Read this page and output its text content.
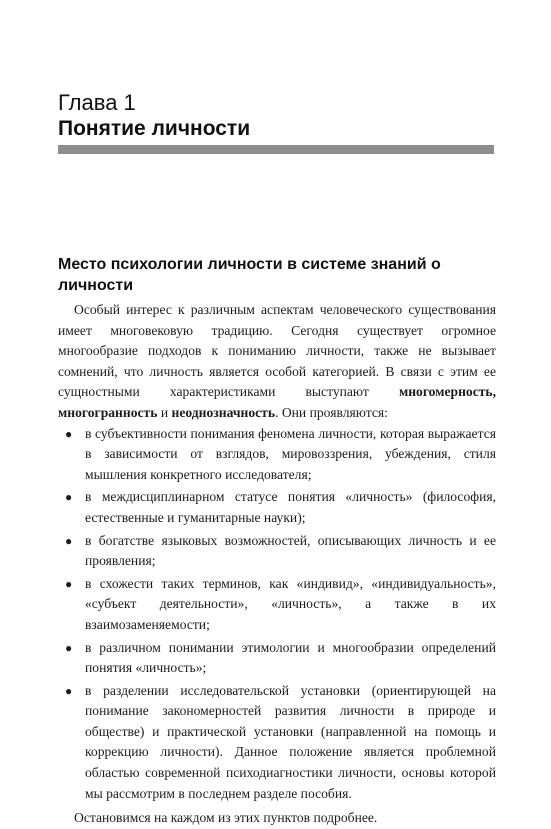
Глава 1
Понятие личности
Место психологии личности в системе знаний о личности

Особый интерес к различным аспектам человеческого существования имеет многовековую традицию. Сегодня существует огромное многообразие подходов к пониманию личности, также не вызывает сомнений, что личность является особой категорией. В связи с этим ее сущностными характеристиками выступают многомерность, многогранность и неоднозначность. Они проявляются:

● в субъективности понимания феномена личности, которая выражается в зависимости от взглядов, мировоззрения, убеждения, стиля мышления конкретного исследователя;
● в междисциплинарном статусе понятия «личность» (философия, естественные и гуманитарные науки);
● в богатстве языковых возможностей, описывающих личность и ее проявления;
● в схожести таких терминов, как «индивид», «индивидуальность», «субъект деятельности», «личность», а также в их взаимозаменяемости;
● в различном понимании этимологии и многообразии определений понятия «личность»;
● в разделении исследовательской установки (ориентирующей на понимание закономерностей развития личности в природе и обществе) и практической установки (направленной на помощь и коррекцию личности). Данное положение является проблемной областью современной психодиагностики личности, основы которой мы рассмотрим в последнем разделе пособия.

Остановимся на каждом из этих пунктов подробнее.
